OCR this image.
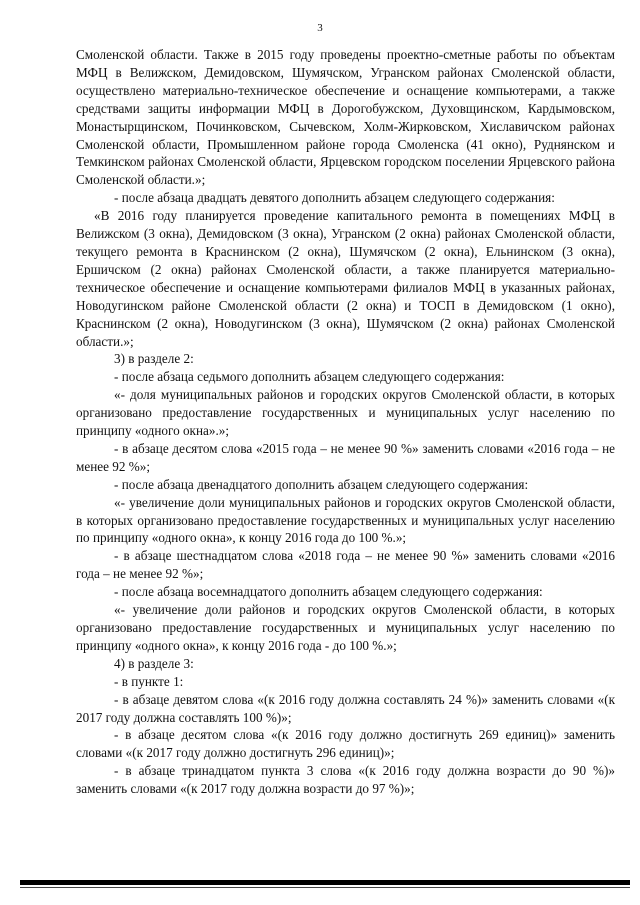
3

Смоленской области. Также в 2015 году проведены проектно-сметные работы по объектам МФЦ в Велижском, Демидовском, Шумячском, Угранском районах Смоленской области, осуществлено материально-техническое обеспечение и оснащение компьютерами, а также средствами защиты информации МФЦ в Дорогобужском, Духовщинском, Кардымовском, Монастырщинском, Починковском, Сычевском, Холм-Жирковском, Хиславичском районах Смоленской области, Промышленном районе города Смоленска (41 окно), Руднянском и Темкинском районах Смоленской области, Ярцевском городском поселении Ярцевского района Смоленской области.»;

- после абзаца двадцать девятого дополнить абзацем следующего содержания:

«В 2016 году планируется проведение капитального ремонта в помещениях МФЦ в Велижском (3 окна), Демидовском (3 окна), Угранском (2 окна) районах Смоленской области, текущего ремонта в Краснинском (2 окна), Шумячском (2 окна), Ельнинском (3 окна), Ершичском (2 окна) районах Смоленской области, а также планируется материально-техническое обеспечение и оснащение компьютерами филиалов МФЦ в указанных районах, Новодугинском районе Смоленской области (2 окна) и ТОСП в Демидовском (1 окно), Краснинском (2 окна), Новодугинском (3 окна), Шумячском (2 окна) районах Смоленской области.»;

3) в разделе 2:

- после абзаца седьмого дополнить абзацем следующего содержания:

«- доля муниципальных районов и городских округов Смоленской области, в которых организовано предоставление государственных и муниципальных услуг населению по принципу «одного окна».»;

- в абзаце десятом слова «2015 года – не менее 90 %» заменить словами «2016 года – не менее 92 %»;

- после абзаца двенадцатого дополнить абзацем следующего содержания:

«- увеличение доли муниципальных районов и городских округов Смоленской области, в которых организовано предоставление государственных и муниципальных услуг населению по принципу «одного окна», к концу 2016 года до 100 %.»;

- в абзаце шестнадцатом слова «2018 года – не менее 90 %» заменить словами «2016 года – не менее 92 %»;

- после абзаца восемнадцатого дополнить абзацем следующего содержания:

«- увеличение доли районов и городских округов Смоленской области, в которых организовано предоставление государственных и муниципальных услуг населению по принципу «одного окна», к концу 2016 года - до 100 %.»;

4) в разделе 3:

- в пункте 1:

- в абзаце девятом слова «(к 2016 году должна составлять 24 %)» заменить словами «(к 2017 году должна составлять 100 %)»;

- в абзаце десятом слова «(к 2016 году должно достигнуть 269 единиц)» заменить словами «(к 2017 году должно достигнуть 296 единиц)»;

- в абзаце тринадцатом пункта 3 слова «(к 2016 году должна возрасти до 90 %)» заменить словами «(к 2017 году должна возрасти до 97 %)»;
